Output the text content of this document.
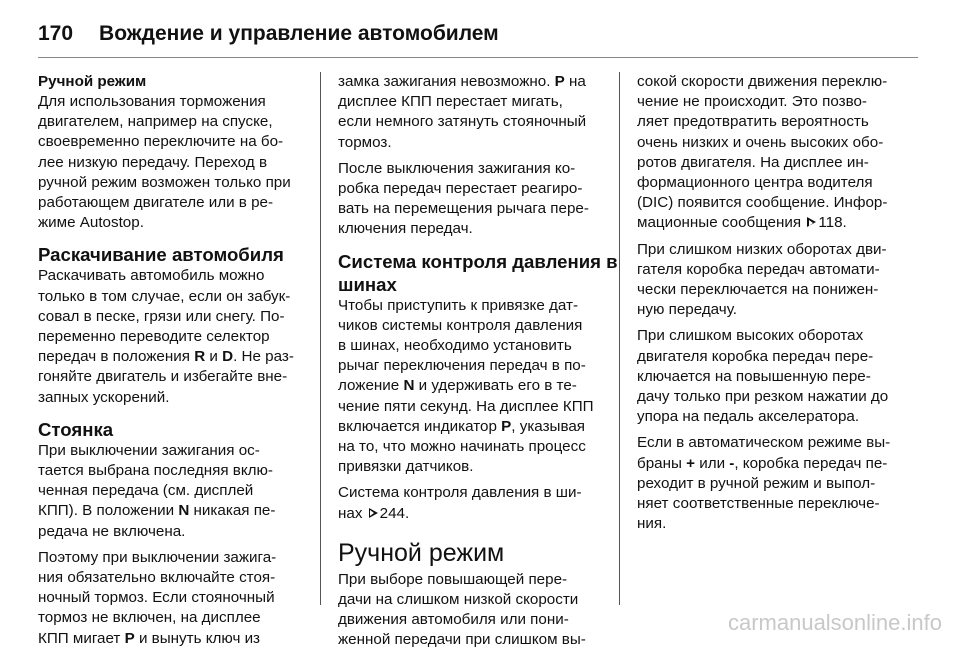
170 Вождение и управление автомобилем
Ручной режим
Для использования торможения
двигателем, например на спуске,
своевременно переключите на бо-
лее низкую передачу. Переход в
ручной режим возможен только при
работающем двигателе или в ре-
жиме Autostop.
Раскачивание автомобиля
Раскачивать автомобиль можно
только в том случае, если он забук-
совал в песке, грязи или снегу. По-
переменно переводите селектор
передач в положения R и D. Не раз-
гоняйте двигатель и избегайте вне-
запных ускорений.
Стоянка
При выключении зажигания ос-
тается выбрана последняя вклю-
ченная передача (см. дисплей
КПП). В положении N никакая пе-
редача не включена.
Поэтому при выключении зажига-
ния обязательно включайте стоя-
ночный тормоз. Если стояночный
тормоз не включен, на дисплее
КПП мигает P и вынуть ключ из
замка зажигания невозможно. P на
дисплее КПП перестает мигать,
если немного затянуть стояночный
тормоз.
После выключения зажигания ко-
робка передач перестает реагиро-
вать на перемещения рычага пере-
ключения передач.
Система контроля давления в
шинах
Чтобы приступить к привязке дат-
чиков системы контроля давления
в шинах, необходимо установить
рычаг переключения передач в по-
ложение N и удерживать его в те-
чение пяти секунд. На дисплее КПП
включается индикатор P, указывая
на то, что можно начинать процесс
привязки датчиков.
Система контроля давления в ши-
нах 244.
Ручной режим
При выборе повышающей пере-
дачи на слишком низкой скорости
движения автомобиля или пони-
женной передачи при слишком вы-
сокой скорости движения переклю-
чение не происходит. Это позво-
ляет предотвратить вероятность
очень низких и очень высоких обо-
ротов двигателя. На дисплее ин-
формационного центра водителя
(DIC) появится сообщение. Инфор-
мационные сообщения 118.
При слишком низких оборотах дви-
гателя коробка передач автомати-
чески переключается на понижен-
ную передачу.
При слишком высоких оборотах
двигателя коробка передач пере-
ключается на повышенную пере-
дачу только при резком нажатии до
упора на педаль акселератора.
Если в автоматическом режиме вы-
браны + или -, коробка передач пе-
реходит в ручной режим и выпол-
няет соответственные переключе-
ния.
carmanualsonline.info
